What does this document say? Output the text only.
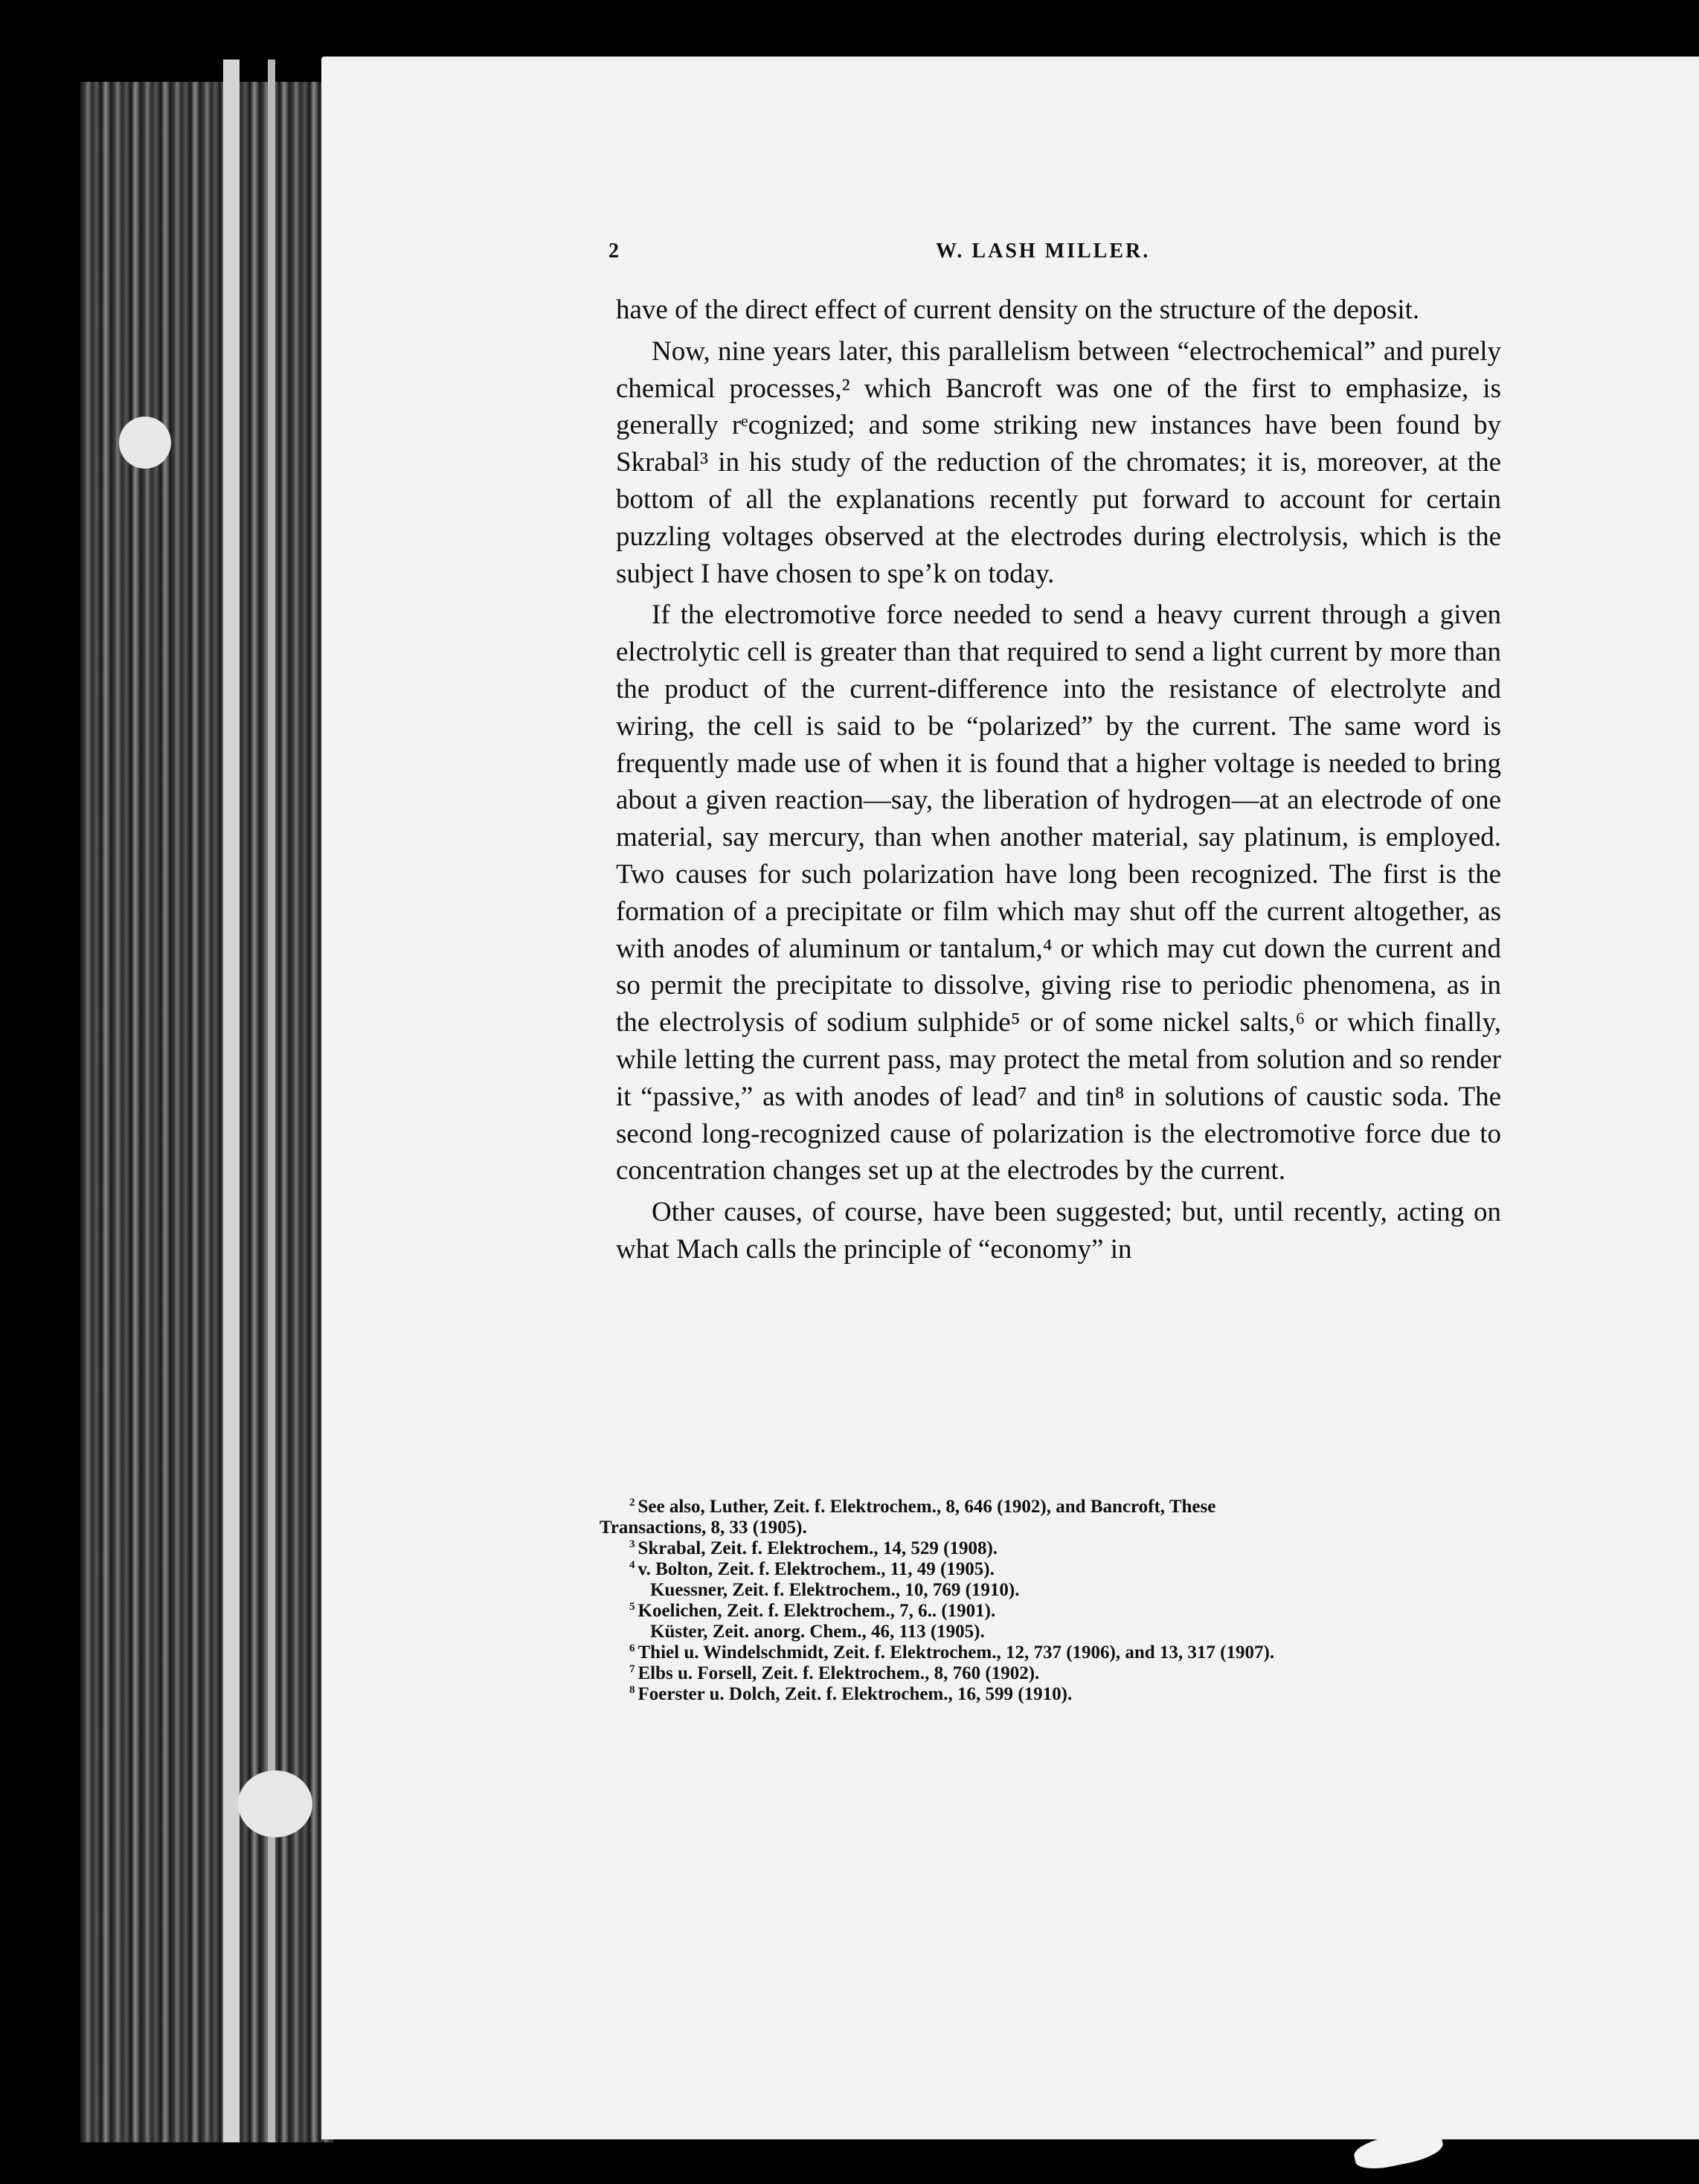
2	W. LASH MILLER.

have of the direct effect of current density on the structure of the deposit.

Now, nine years later, this parallelism between “electrochemical” and purely chemical processes,² which Bancroft was one of the first to emphasize, is generally rᵉcognized; and some striking new instances have been found by Skrabal³ in his study of the reduction of the chromates; it is, moreover, at the bottom of all the explanations recently put forward to account for certain puzzling voltages observed at the electrodes during electrolysis, which is the subject I have chosen to spe’k on today.

If the electromotive force needed to send a heavy current through a given electrolytic cell is greater than that required to send a light current by more than the product of the current-difference into the resistance of electrolyte and wiring, the cell is said to be “polarized” by the current. The same word is frequently made use of when it is found that a higher voltage is needed to bring about a given reaction—say, the liberation of hydrogen—at an electrode of one material, say mercury, than when another material, say platinum, is employed. Two causes for such polarization have long been recognized. The first is the formation of a precipitate or film which may shut off the current altogether, as with anodes of aluminum or tantalum,⁴ or which may cut down the current and so permit the precipitate to dissolve, giving rise to periodic phenomena, as in the electrolysis of sodium sulphide⁵ or of some nickel salts,⁶ or which finally, while letting the current pass, may protect the metal from solution and so render it “passive,” as with anodes of lead⁷ and tin⁸ in solutions of caustic soda. The second long-recognized cause of polarization is the electromotive force due to concentration changes set up at the electrodes by the current.

Other causes, of course, have been suggested; but, until recently, acting on what Mach calls the principle of “economy” in

$^2$ See also, Luther, Zeit. f. Elektrochem., 8, 646 (1902), and Bancroft, These
Transactions, 8, 33 (1905).
$^3$ Skrabal, Zeit. f. Elektrochem., 14, 529 (1908).
$^4$ v. Bolton, Zeit. f. Elektrochem., 11, 49 (1905).
Kuessner, Zeit. f. Elektrochem., 10, 769 (1910).
$^5$ Koelichen, Zeit. f. Elektrochem., 7, 6.. (1901).
Küster, Zeit. anorg. Chem., 46, 113 (1905).
$^6$ Thiel u. Windelschmidt, Zeit. f. Elektrochem., 12, 737 (1906), and 13, 317 (1907).
$^7$ Elbs u. Forsell, Zeit. f. Elektrochem., 8, 760 (1902).
$^8$ Foerster u. Dolch, Zeit. f. Elektrochem., 16, 599 (1910).
